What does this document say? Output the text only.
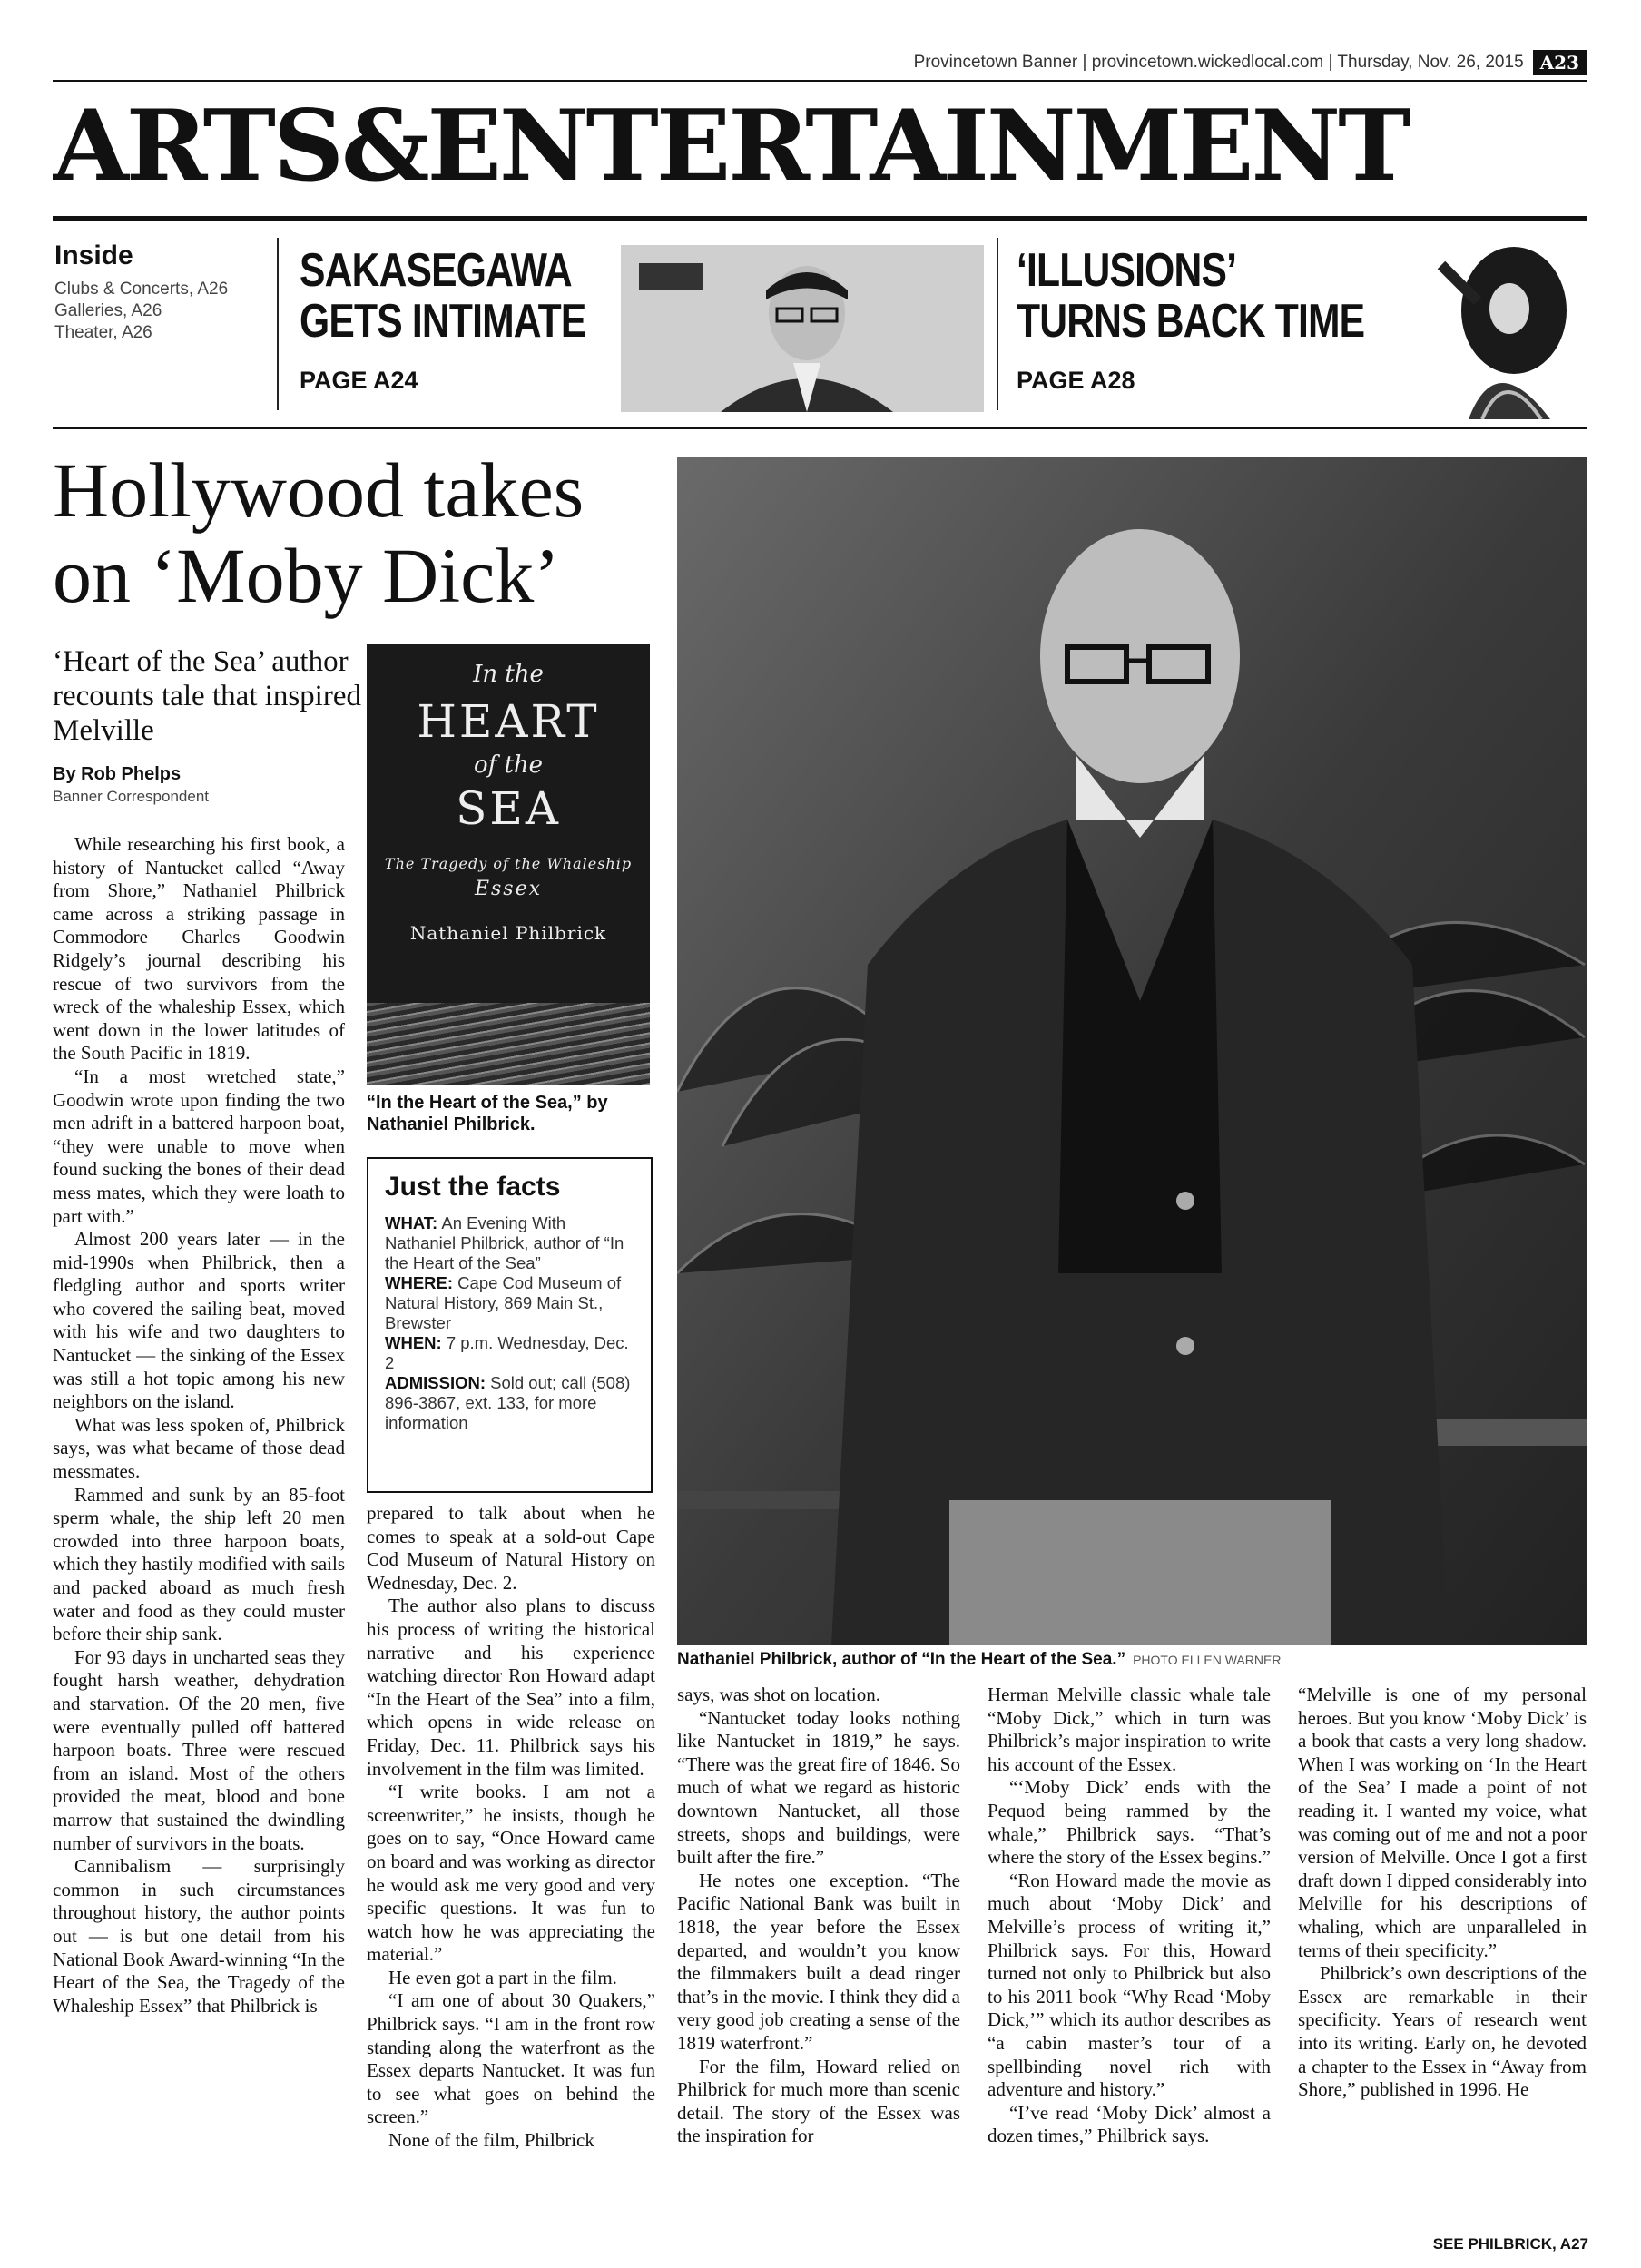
Provincetown Banner | provincetown.wickedlocal.com | Thursday, Nov. 26, 2015 A23
ARTS&ENTERTAINMENT
Inside
Clubs & Concerts, A26
Galleries, A26
Theater, A26
SAKASEGAWA
GETS INTIMATE
PAGE A24
‘ILLUSIONS’
TURNS BACK TIME
PAGE A28
Hollywood takes
on ‘Moby Dick’
‘Heart of the Sea’ author recounts tale that inspired Melville
By Rob Phelps
Banner Correspondent
In the
HEART
of the
SEA
The Tragedy of the Whaleship
Essex
Nathaniel Philbrick
“In the Heart of the Sea,” by Nathaniel Philbrick.
Just the facts
WHAT: An Evening With Nathaniel Philbrick, author of “In the Heart of the Sea”
WHERE: Cape Cod Museum of Natural History, 869 Main St., Brewster
WHEN: 7 p.m. Wednesday, Dec. 2
ADMISSION: Sold out; call (508) 896-3867, ext. 133, for more information
Nathaniel Philbrick, author of “In the Heart of the Sea.” PHOTO ELLEN WARNER

While researching his first book, a history of Nantucket called “Away from Shore,” Nathaniel Philbrick came across a striking passage in Commodore Charles Goodwin Ridgely’s journal describing his rescue of two survivors from the wreck of the whaleship Essex, which went down in the lower latitudes of the South Pacific in 1819.

“In a most wretched state,” Goodwin wrote upon finding the two men adrift in a battered harpoon boat, “they were unable to move when found sucking the bones of their dead mess mates, which they were loath to part with.”

Almost 200 years later — in the mid-1990s when Philbrick, then a fledgling author and sports writer who covered the sailing beat, moved with his wife and two daughters to Nantucket — the sinking of the Essex was still a hot topic among his new neighbors on the island.

What was less spoken of, Philbrick says, was what became of those dead messmates.

Rammed and sunk by an 85-foot sperm whale, the ship left 20 men crowded into three harpoon boats, which they hastily modified with sails and packed aboard as much fresh water and food as they could muster before their ship sank.

For 93 days in uncharted seas they fought harsh weather, dehydration and starvation. Of the 20 men, five were eventually pulled off battered harpoon boats. Three were rescued from an island. Most of the others provided the meat, blood and bone marrow that sustained the dwindling number of survivors in the boats.

Cannibalism — surprisingly common in such circumstances throughout history, the author points out — is but one detail from his National Book Award-winning “In the Heart of the Sea, the Tragedy of the Whaleship Essex” that Philbrick is

prepared to talk about when he comes to speak at a sold-out Cape Cod Museum of Natural History on Wednesday, Dec. 2.

The author also plans to discuss his process of writing the historical narrative and his experience watching director Ron Howard adapt “In the Heart of the Sea” into a film, which opens in wide release on Friday, Dec. 11. Philbrick says his involvement in the film was limited.

“I write books. I am not a screenwriter,” he insists, though he goes on to say, “Once Howard came on board and was working as director he would ask me very good and very specific questions. It was fun to watch how he was appreciating the material.”

He even got a part in the film.

“I am one of about 30 Quakers,” Philbrick says. “I am in the front row standing along the waterfront as the Essex departs Nantucket. It was fun to see what goes on behind the screen.”

None of the film, Philbrick

says, was shot on location.

“Nantucket today looks nothing like Nantucket in 1819,” he says. “There was the great fire of 1846. So much of what we regard as historic downtown Nantucket, all those streets, shops and buildings, were built after the fire.”

He notes one exception. “The Pacific National Bank was built in 1818, the year before the Essex departed, and wouldn’t you know the filmmakers built a dead ringer that’s in the movie. I think they did a very good job creating a sense of the 1819 waterfront.”

For the film, Howard relied on Philbrick for much more than scenic detail. The story of the Essex was the inspiration for

Herman Melville classic whale tale “Moby Dick,” which in turn was Philbrick’s major inspiration to write his account of the Essex.

“‘Moby Dick’ ends with the Pequod being rammed by the whale,” Philbrick says. “That’s where the story of the Essex begins.”

“Ron Howard made the movie as much about ‘Moby Dick’ and Melville’s process of writing it,” Philbrick says. For this, Howard turned not only to Philbrick but also to his 2011 book “Why Read ‘Moby Dick,’” which its author describes as “a cabin master’s tour of a spellbinding novel rich with adventure and history.”

“I’ve read ‘Moby Dick’ almost a dozen times,” Philbrick says.

“Melville is one of my personal heroes. But you know ‘Moby Dick’ is a book that casts a very long shadow. When I was working on ‘In the Heart of the Sea’ I made a point of not reading it. I wanted my voice, what was coming out of me and not a poor version of Melville. Once I got a first draft down I dipped considerably into Melville for his descriptions of whaling, which are unparalleled in terms of their specificity.”

Philbrick’s own descriptions of the Essex are remarkable in their specificity. Years of research went into its writing. Early on, he devoted a chapter to the Essex in “Away from Shore,” published in 1996. He

SEE PHILBRICK, A27
